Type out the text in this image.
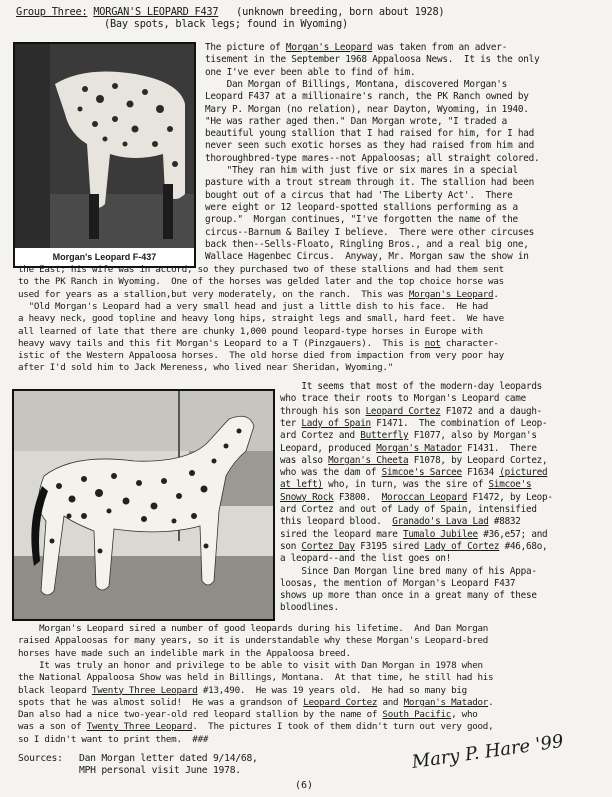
Group Three: MORGAN'S LEOPARD F437   (unknown breeding, born about 1928)
(Bay spots, black legs; found in Wyoming)
Morgan's Leopard F-437
The picture of Morgan's Leopard was taken from an adver-
tisement in the September 1968 Appaloosa News.  It is the only
one I've ever been able to find of him.
Dan Morgan of Billings, Montana, discovered Morgan's
Leopard F437 at a millionaire's ranch, the PK Ranch owned by
Mary P. Morgan (no relation), near Dayton, Wyoming, in 1940.
"He was rather aged then." Dan Morgan wrote, "I traded a
beautiful young stallion that I had raised for him, for I had
never seen such exotic horses as they had raised from him and
thoroughbred-type mares--not Appaloosas; all straight colored.
"They ran him with just five or six mares in a special
pasture with a trout stream through it. The stallion had been
bought out of a circus that had 'The Liberty Act'.  There
were eight or 12 leopard-spotted stallions performing as a
group."  Morgan continues, "I've forgotten the name of the
circus--Barnum & Bailey I believe.  There were other circuses
back then--Sells-Floato, Ringling Bros., and a real big one,
Wallace Hagenbec Circus.  Anyway, Mr. Morgan saw the show in
the East; his wife was in accord, so they purchased two of these stallions and had them sent
to the PK Ranch in Wyoming.  One of the horses was gelded later and the top choice horse was
used for years as a stallion,but very moderately, on the ranch.  This was Morgan's Leopard.
"Old Morgan's Leopard had a very small head and just a little dish to his face.  He had
a heavy neck, good topline and heavy long hips, straight legs and small, hard feet.  We have
all learned of late that there are chunky 1,000 pound leopard-type horses in Europe with
heavy wavy tails and this fit Morgan's Leopard to a T (Pinzgauers).  This is not character-
istic of the Western Appaloosa horses.  The old horse died from impaction from very poor hay
after I'd sold him to Jack Mereness, who lived near Sheridan, Wyoming."
It seems that most of the modern-day leopards
who trace their roots to Morgan's Leopard came
through his son Leopard Cortez F1072 and a daugh-
ter Lady of Spain F1471.  The combination of Leop-
ard Cortez and Butterfly F1077, also by Morgan's
Leopard, produced Morgan's Matador F1431.  There
was also Morgan's Cheeta F1078, by Leopard Cortez,
who was the dam of Simcoe's Sarcee F1634 (pictured
at left) who, in turn, was the sire of Simcoe's
Snowy Rock F3800.  Moroccan Leopard F1472, by Leop-
ard Cortez and out of Lady of Spain, intensified
this leopard blood.  Granado's Lava Lad #8832
sired the leopard mare Tumalo Jubilee #36,e57; and
son Cortez Day F3195 sired Lady of Cortez #46,68o,
a leopard--and the list goes on!
Since Dan Morgan line bred many of his Appa-
loosas, the mention of Morgan's Leopard F437
shows up more than once in a great many of these
bloodlines.
Morgan's Leopard sired a number of good leopards during his lifetime.  And Dan Morgan
raised Appaloosas for many years, so it is understandable why these Morgan's Leopard-bred
horses have made such an indelible mark in the Appaloosa breed.
It was truly an honor and privilege to be able to visit with Dan Morgan in 1978 when
the National Appaloosa Show was held in Billings, Montana.  At that time, he still had his
black leopard Twenty Three Leopard #13,490.  He was 19 years old.  He had so many big
spots that he was almost solid!  He was a grandson of Leopard Cortez and Morgan's Matador.
Dan also had a nice two-year-old red leopard stallion by the name of South Pacific, who
was a son of Twenty Three Leopard.  The pictures I took of them didn't turn out very good,
so I didn't want to print them.  ###
Sources: Dan Morgan letter dated 9/14/68,
MPH personal visit June 1978.	Mary P. Hare '99
(6)
